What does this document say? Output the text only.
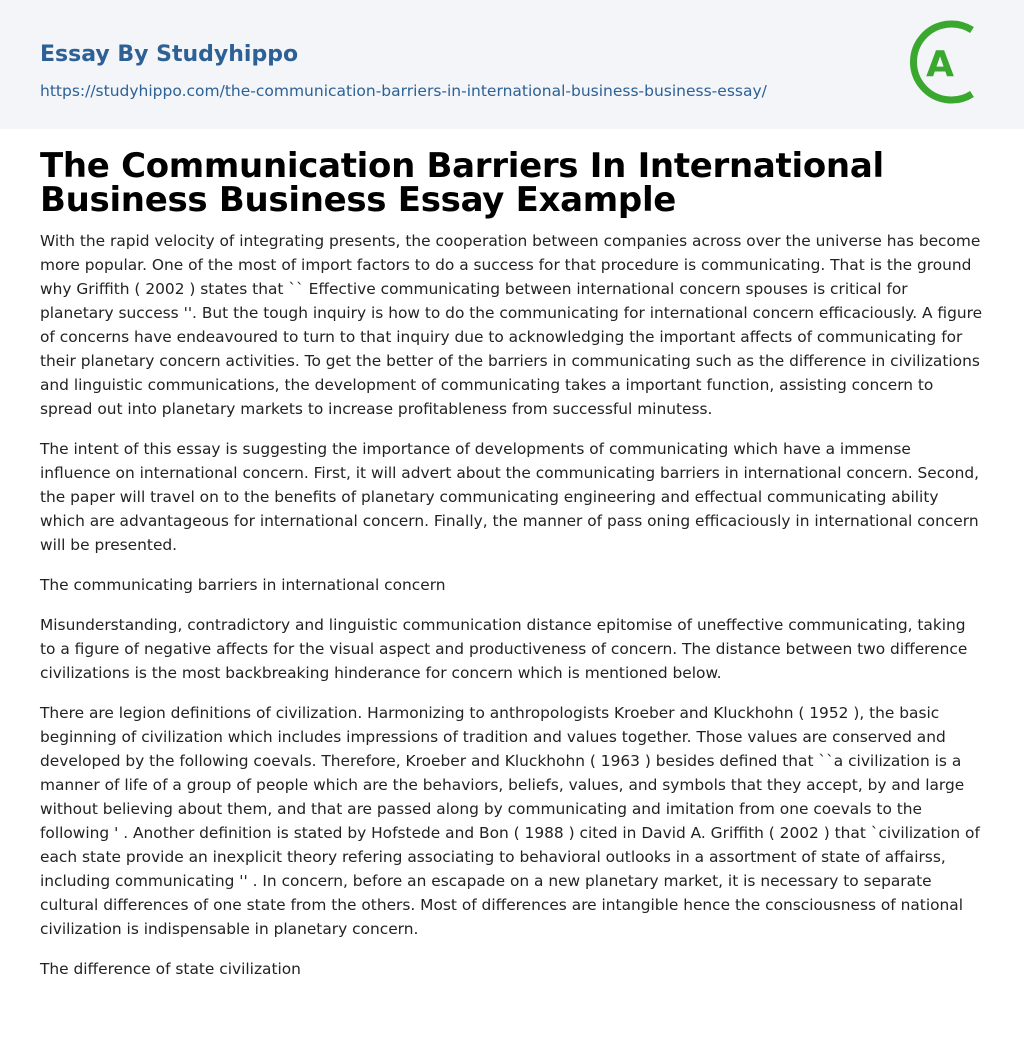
Essay By Studyhippo
https://studyhippo.com/the-communication-barriers-in-international-business-business-essay/
A
The Communication Barriers In International Business Business Essay Example

With the rapid velocity of integrating presents, the cooperation between companies across over the universe has become more popular. One of the most of import factors to do a success for that procedure is communicating. That is the ground why Griffith ( 2002 ) states that `` Effective communicating between international concern spouses is critical for planetary success ''. But the tough inquiry is how to do the communicating for international concern efficaciously. A figure of concerns have endeavoured to turn to that inquiry due to acknowledging the important affects of communicating for their planetary concern activities. To get the better of the barriers in communicating such as the difference in civilizations and linguistic communications, the development of communicating takes a important function, assisting concern to spread out into planetary markets to increase profitableness from successful minutess.

The intent of this essay is suggesting the importance of developments of communicating which have a immense influence on international concern. First, it will advert about the communicating barriers in international concern. Second, the paper will travel on to the benefits of planetary communicating engineering and effectual communicating ability which are advantageous for international concern. Finally, the manner of pass oning efficaciously in international concern will be presented.

The communicating barriers in international concern

Misunderstanding, contradictory and linguistic communication distance epitomise of uneffective communicating, taking to a figure of negative affects for the visual aspect and productiveness of concern. The distance between two difference civilizations is the most backbreaking hinderance for concern which is mentioned below.

There are legion definitions of civilization. Harmonizing to anthropologists Kroeber and Kluckhohn ( 1952 ), the basic beginning of civilization which includes impressions of tradition and values together. Those values are conserved and developed by the following coevals. Therefore, Kroeber and Kluckhohn ( 1963 ) besides defined that ``a civilization is a manner of life of a group of people which are the behaviors, beliefs, values, and symbols that they accept, by and large without believing about them, and that are passed along by communicating and imitation from one coevals to the following ' . Another definition is stated by Hofstede and Bon ( 1988 ) cited in David A. Griffith ( 2002 ) that `civilization of each state provide an inexplicit theory refering associating to behavioral outlooks in a assortment of state of affairss, including communicating '' . In concern, before an escapade on a new planetary market, it is necessary to separate cultural differences of one state from the others. Most of differences are intangible hence the consciousness of national civilization is indispensable in planetary concern.

The difference of state civilization
